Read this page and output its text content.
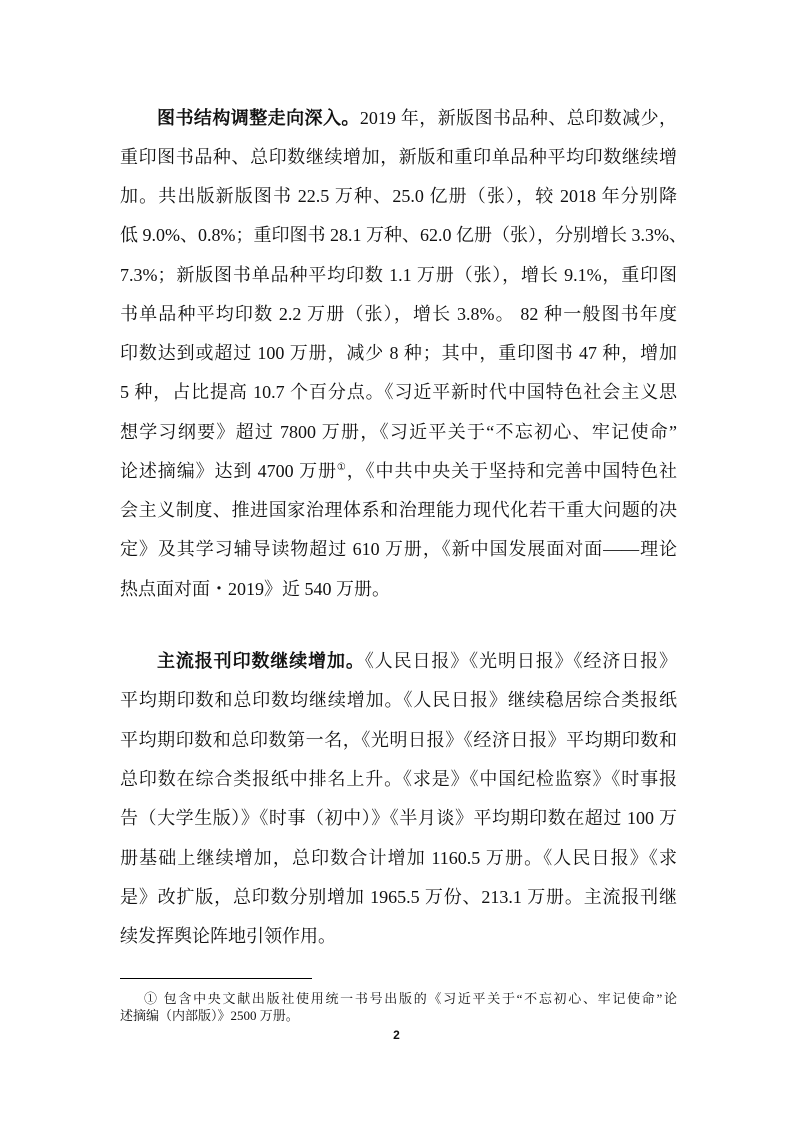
图书结构调整走向深入。2019 年，新版图书品种、总印数减少，
重印图书品种、总印数继续增加，新版和重印单品种平均印数继续增
加。共出版新版图书 22.5 万种、25.0 亿册（张），较 2018 年分别降
低 9.0%、0.8%；重印图书 28.1 万种、62.0 亿册（张），分别增长 3.3%、
7.3%；新版图书单品种平均印数 1.1 万册（张），增长 9.1%，重印图
书单品种平均印数 2.2 万册（张），增长 3.8%。 82 种一般图书年度
印数达到或超过 100 万册，减少 8 种；其中，重印图书 47 种，增加
5 种，占比提高 10.7 个百分点。《习近平新时代中国特色社会主义思
想学习纲要》超过 7800 万册，《习近平关于“不忘初心、牢记使命”
论述摘编》达到 4700 万册①，《中共中央关于坚持和完善中国特色社
会主义制度、推进国家治理体系和治理能力现代化若干重大问题的决
定》及其学习辅导读物超过 610 万册，《新中国发展面对面——理论
热点面对面・2019》近 540 万册。
主流报刊印数继续增加。《人民日报》《光明日报》《经济日报》
平均期印数和总印数均继续增加。《人民日报》继续稳居综合类报纸
平均期印数和总印数第一名，《光明日报》《经济日报》平均期印数和
总印数在综合类报纸中排名上升。《求是》《中国纪检监察》《时事报
告（大学生版）》《时事（初中）》《半月谈》平均期印数在超过 100 万
册基础上继续增加，总印数合计增加 1160.5 万册。《人民日报》《求
是》改扩版，总印数分别增加 1965.5 万份、213.1 万册。主流报刊继
续发挥舆论阵地引领作用。
① 包含中央文献出版社使用统一书号出版的《习近平关于“不忘初心、牢记使命”论
述摘编（内部版）》2500 万册。
2
